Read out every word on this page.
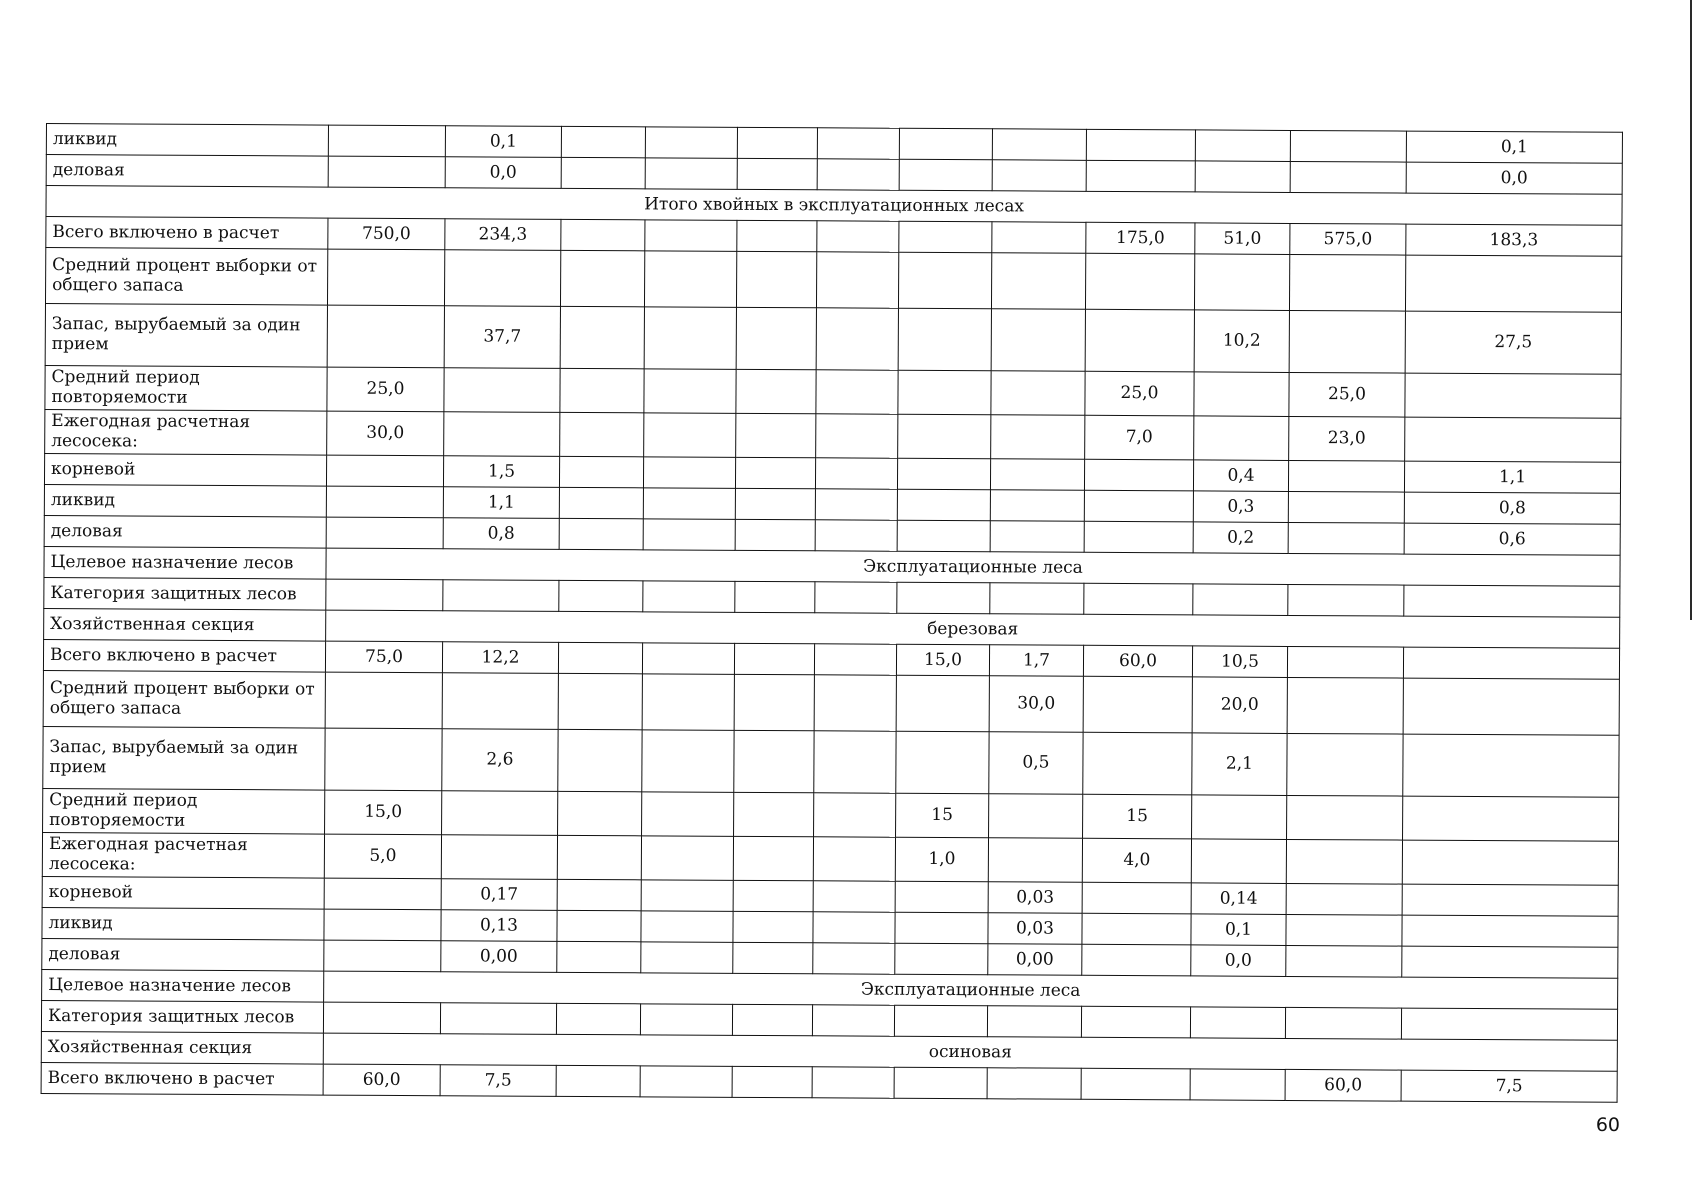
ликвид		0,1										0,1
деловая		0,0										0,0
Итого хвойных в эксплуатационных лесах												
Всего включено в расчет	750,0	234,3							175,0	51,0	575,0	183,3
Средний процент выборки от общего запаса												
Запас, вырубаемый за один прием		37,7								10,2		27,5
Средний период повторяемости	25,0								25,0		25,0	
Ежегодная расчетная лесосека:	30,0								7,0		23,0	
корневой		1,5								0,4		1,1
ликвид		1,1								0,3		0,8
деловая		0,8								0,2		0,6
Целевое назначение лесов	Эксплуатационные леса											
Категория защитных лесов												
Хозяйственная секция	березовая											
Всего включено в расчет	75,0	12,2					15,0	1,7	60,0	10,5		
Средний процент выборки от общего запаса								30,0		20,0		
Запас, вырубаемый за один прием		2,6						0,5		2,1		
Средний период повторяемости	15,0						15		15			
Ежегодная расчетная лесосека:	5,0						1,0		4,0			
корневой		0,17						0,03		0,14		
ликвид		0,13						0,03		0,1		
деловая		0,00						0,00		0,0		
Целевое назначение лесов	Эксплуатационные леса											
Категория защитных лесов												
Хозяйственная секция	осиновая											
Всего включено в расчет	60,0	7,5									60,0	7,5
60
